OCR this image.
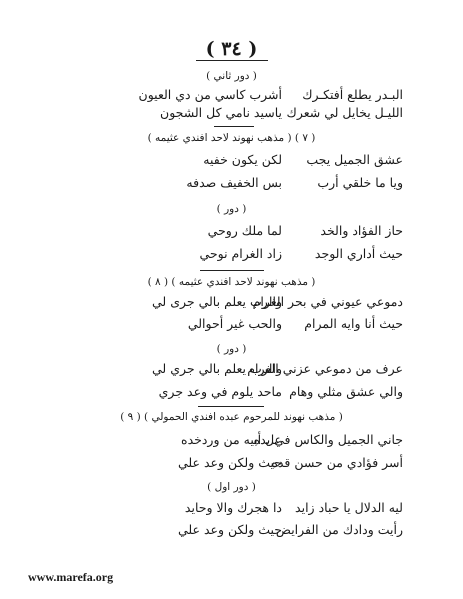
( ٣٤ )
( دور ثاني )
البـدر يطلع أفتكـرك
أشرب كاسي من دي العيون
الليـل يخايل لي شعرك
ياسيد نامي كل الشجون
( مذهب نهوند لاحد افندي عثيمه ) ( ٧ )
عشق الجميل يجب
لكن يكون خفيه
ويا ما خلقي أرب
بس الخفيف صدفه
( دور )
حاز الفؤاد والخد
لما ملك روحي
حيث أداري الوجد
زاد الغرام نوحي
( ٨ ) ( مذهب نهوند لاحد افندي عثيمه )
دموعي عيوني في بحر الغرام
والرب يعلم بالي جرى لي
حيث أنا وايه المرام
والحب غير أحوالي
( دور )
عرف من دموعي عزني الغرام
والرب يعلم بالي جري لي
والي عشق مثلي وهام
ماحد يلوم في وعد جري
( ٩ ) ( مذهب نهوند للمرحوم عبده افندي الحمولي )
جاني الجميل والكاس في يده
عل أبيه من وردخده
أسر فؤادي من حسن قده
حيث ولكن وعد علي
( دور اول )
ليه الدلال يا حباد زايد
دا هجرك والا وحايد
رأيت ودادك من الفرايض
حيث ولكن وعد علي
www.marefa.org
